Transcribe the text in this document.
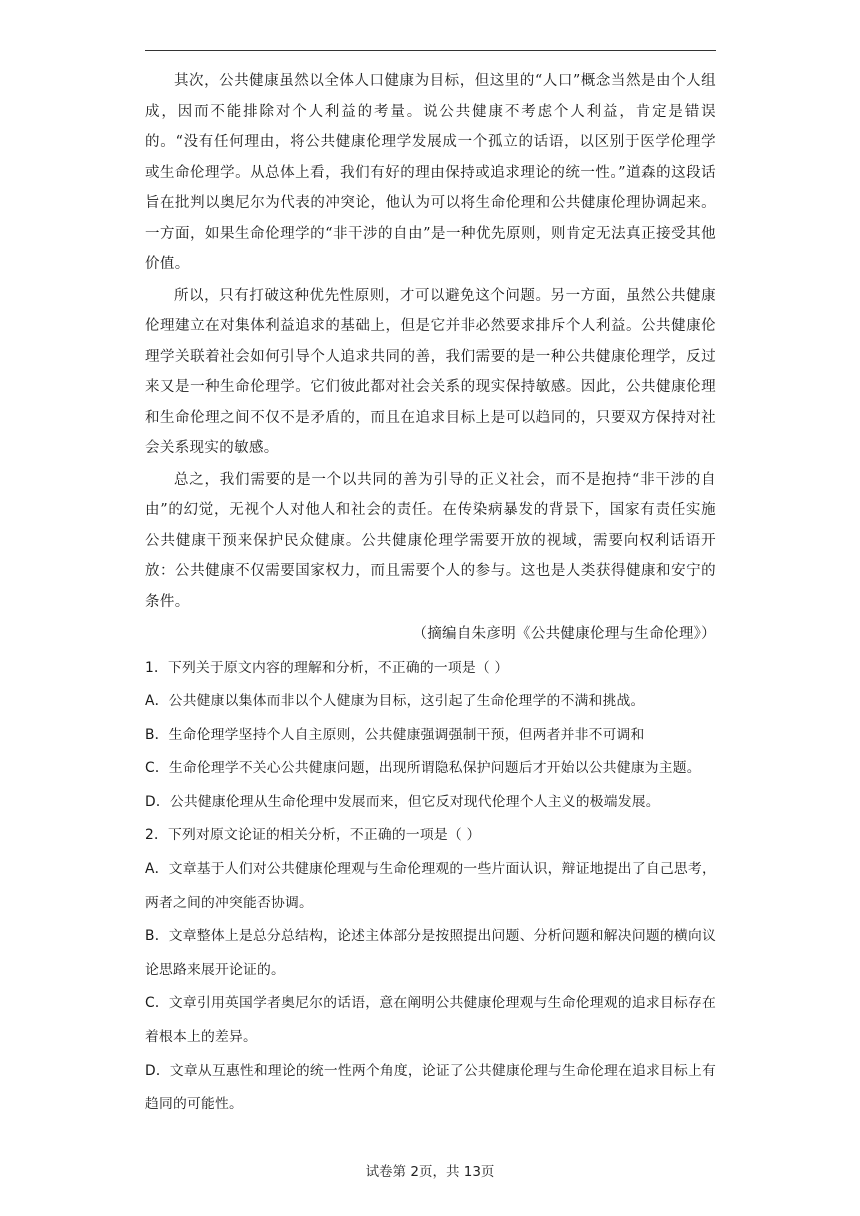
其次，公共健康虽然以全体人口健康为目标，但这里的“人口”概念当然是由个人组成，因而不能排除对个人利益的考量。说公共健康不考虑个人利益，肯定是错误的。“没有任何理由，将公共健康伦理学发展成一个孤立的话语，以区别于医学伦理学或生命伦理学。从总体上看，我们有好的理由保持或追求理论的统一性。”道森的这段话旨在批判以奥尼尔为代表的冲突论，他认为可以将生命伦理和公共健康伦理协调起来。一方面，如果生命伦理学的“非干涉的自由”是一种优先原则，则肯定无法真正接受其他价值。

所以，只有打破这种优先性原则，才可以避免这个问题。另一方面，虽然公共健康伦理建立在对集体利益追求的基础上，但是它并非必然要求排斥个人利益。公共健康伦理学关联着社会如何引导个人追求共同的善，我们需要的是一种公共健康伦理学，反过来又是一种生命伦理学。它们彼此都对社会关系的现实保持敏感。因此，公共健康伦理和生命伦理之间不仅不是矛盾的，而且在追求目标上是可以趋同的，只要双方保持对社会关系现实的敏感。

总之，我们需要的是一个以共同的善为引导的正义社会，而不是抱持“非干涉的自由”的幻觉，无视个人对他人和社会的责任。在传染病暴发的背景下，国家有责任实施公共健康干预来保护民众健康。公共健康伦理学需要开放的视域，需要向权利话语开放：公共健康不仅需要国家权力，而且需要个人的参与。这也是人类获得健康和安宁的条件。

（摘编自朱彦明《公共健康伦理与生命伦理》）

1．下列关于原文内容的理解和分析，不正确的一项是（ ）

A．公共健康以集体而非以个人健康为目标，这引起了生命伦理学的不满和挑战。

B．生命伦理学坚持个人自主原则，公共健康强调强制干预，但两者并非不可调和

C．生命伦理学不关心公共健康问题，出现所谓隐私保护问题后才开始以公共健康为主题。

D．公共健康伦理从生命伦理中发展而来，但它反对现代伦理个人主义的极端发展。

2．下列对原文论证的相关分析，不正确的一项是（ ）

A．文章基于人们对公共健康伦理观与生命伦理观的一些片面认识，辩证地提出了自己思考，两者之间的冲突能否协调。

B．文章整体上是总分总结构，论述主体部分是按照提出问题、分析问题和解决问题的横向议论思路来展开论证的。

C．文章引用英国学者奥尼尔的话语，意在阐明公共健康伦理观与生命伦理观的追求目标存在着根本上的差异。

D．文章从互惠性和理论的统一性两个角度，论证了公共健康伦理与生命伦理在追求目标上有趋同的可能性。

试卷第 2页，共 13页
